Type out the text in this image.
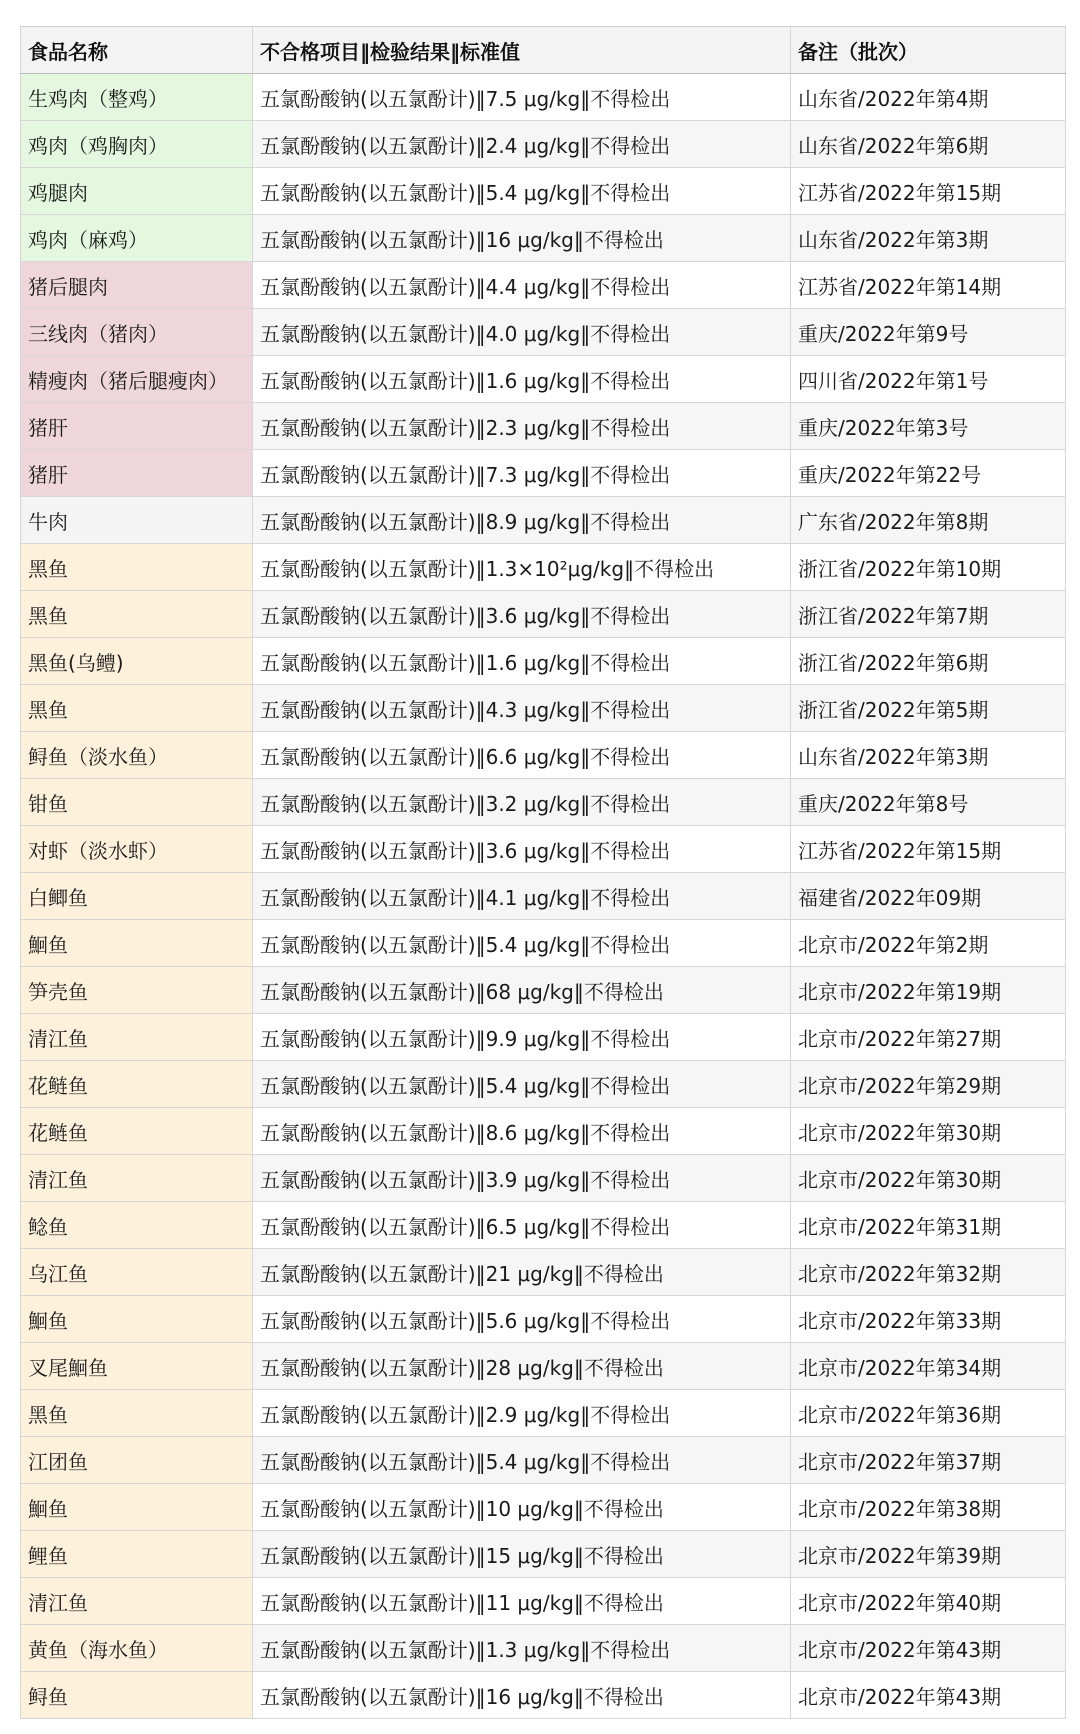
食品名称	不合格项目‖检验结果‖标准值	备注（批次）
生鸡肉（整鸡）	五氯酚酸钠(以五氯酚计)‖7.5 μg/kg‖不得检出	山东省/2022年第4期
鸡肉（鸡胸肉）	五氯酚酸钠(以五氯酚计)‖2.4 μg/kg‖不得检出	山东省/2022年第6期
鸡腿肉	五氯酚酸钠(以五氯酚计)‖5.4 μg/kg‖不得检出	江苏省/2022年第15期
鸡肉（麻鸡）	五氯酚酸钠(以五氯酚计)‖16 μg/kg‖不得检出	山东省/2022年第3期
猪后腿肉	五氯酚酸钠(以五氯酚计)‖4.4 μg/kg‖不得检出	江苏省/2022年第14期
三线肉（猪肉）	五氯酚酸钠(以五氯酚计)‖4.0 μg/kg‖不得检出	重庆/2022年第9号
精瘦肉（猪后腿瘦肉）	五氯酚酸钠(以五氯酚计)‖1.6 μg/kg‖不得检出	四川省/2022年第1号
猪肝	五氯酚酸钠(以五氯酚计)‖2.3 μg/kg‖不得检出	重庆/2022年第3号
猪肝	五氯酚酸钠(以五氯酚计)‖7.3 μg/kg‖不得检出	重庆/2022年第22号
牛肉	五氯酚酸钠(以五氯酚计)‖8.9 μg/kg‖不得检出	广东省/2022年第8期
黑鱼	五氯酚酸钠(以五氯酚计)‖1.3×10²μg/kg‖不得检出	浙江省/2022年第10期
黑鱼	五氯酚酸钠(以五氯酚计)‖3.6 μg/kg‖不得检出	浙江省/2022年第7期
黑鱼(乌鳢)	五氯酚酸钠(以五氯酚计)‖1.6 μg/kg‖不得检出	浙江省/2022年第6期
黑鱼	五氯酚酸钠(以五氯酚计)‖4.3 μg/kg‖不得检出	浙江省/2022年第5期
鲟鱼（淡水鱼）	五氯酚酸钠(以五氯酚计)‖6.6 μg/kg‖不得检出	山东省/2022年第3期
钳鱼	五氯酚酸钠(以五氯酚计)‖3.2 μg/kg‖不得检出	重庆/2022年第8号
对虾（淡水虾）	五氯酚酸钠(以五氯酚计)‖3.6 μg/kg‖不得检出	江苏省/2022年第15期
白鲫鱼	五氯酚酸钠(以五氯酚计)‖4.1 μg/kg‖不得检出	福建省/2022年09期
鮰鱼	五氯酚酸钠(以五氯酚计)‖5.4 μg/kg‖不得检出	北京市/2022年第2期
笋壳鱼	五氯酚酸钠(以五氯酚计)‖68 μg/kg‖不得检出	北京市/2022年第19期
清江鱼	五氯酚酸钠(以五氯酚计)‖9.9 μg/kg‖不得检出	北京市/2022年第27期
花鲢鱼	五氯酚酸钠(以五氯酚计)‖5.4 μg/kg‖不得检出	北京市/2022年第29期
花鲢鱼	五氯酚酸钠(以五氯酚计)‖8.6 μg/kg‖不得检出	北京市/2022年第30期
清江鱼	五氯酚酸钠(以五氯酚计)‖3.9 μg/kg‖不得检出	北京市/2022年第30期
鲶鱼	五氯酚酸钠(以五氯酚计)‖6.5 μg/kg‖不得检出	北京市/2022年第31期
乌江鱼	五氯酚酸钠(以五氯酚计)‖21 μg/kg‖不得检出	北京市/2022年第32期
鮰鱼	五氯酚酸钠(以五氯酚计)‖5.6 μg/kg‖不得检出	北京市/2022年第33期
叉尾鮰鱼	五氯酚酸钠(以五氯酚计)‖28 μg/kg‖不得检出	北京市/2022年第34期
黑鱼	五氯酚酸钠(以五氯酚计)‖2.9 μg/kg‖不得检出	北京市/2022年第36期
江团鱼	五氯酚酸钠(以五氯酚计)‖5.4 μg/kg‖不得检出	北京市/2022年第37期
鮰鱼	五氯酚酸钠(以五氯酚计)‖10 μg/kg‖不得检出	北京市/2022年第38期
鲤鱼	五氯酚酸钠(以五氯酚计)‖15 μg/kg‖不得检出	北京市/2022年第39期
清江鱼	五氯酚酸钠(以五氯酚计)‖11 μg/kg‖不得检出	北京市/2022年第40期
黄鱼（海水鱼）	五氯酚酸钠(以五氯酚计)‖1.3 μg/kg‖不得检出	北京市/2022年第43期
鲟鱼	五氯酚酸钠(以五氯酚计)‖16 μg/kg‖不得检出	北京市/2022年第43期
